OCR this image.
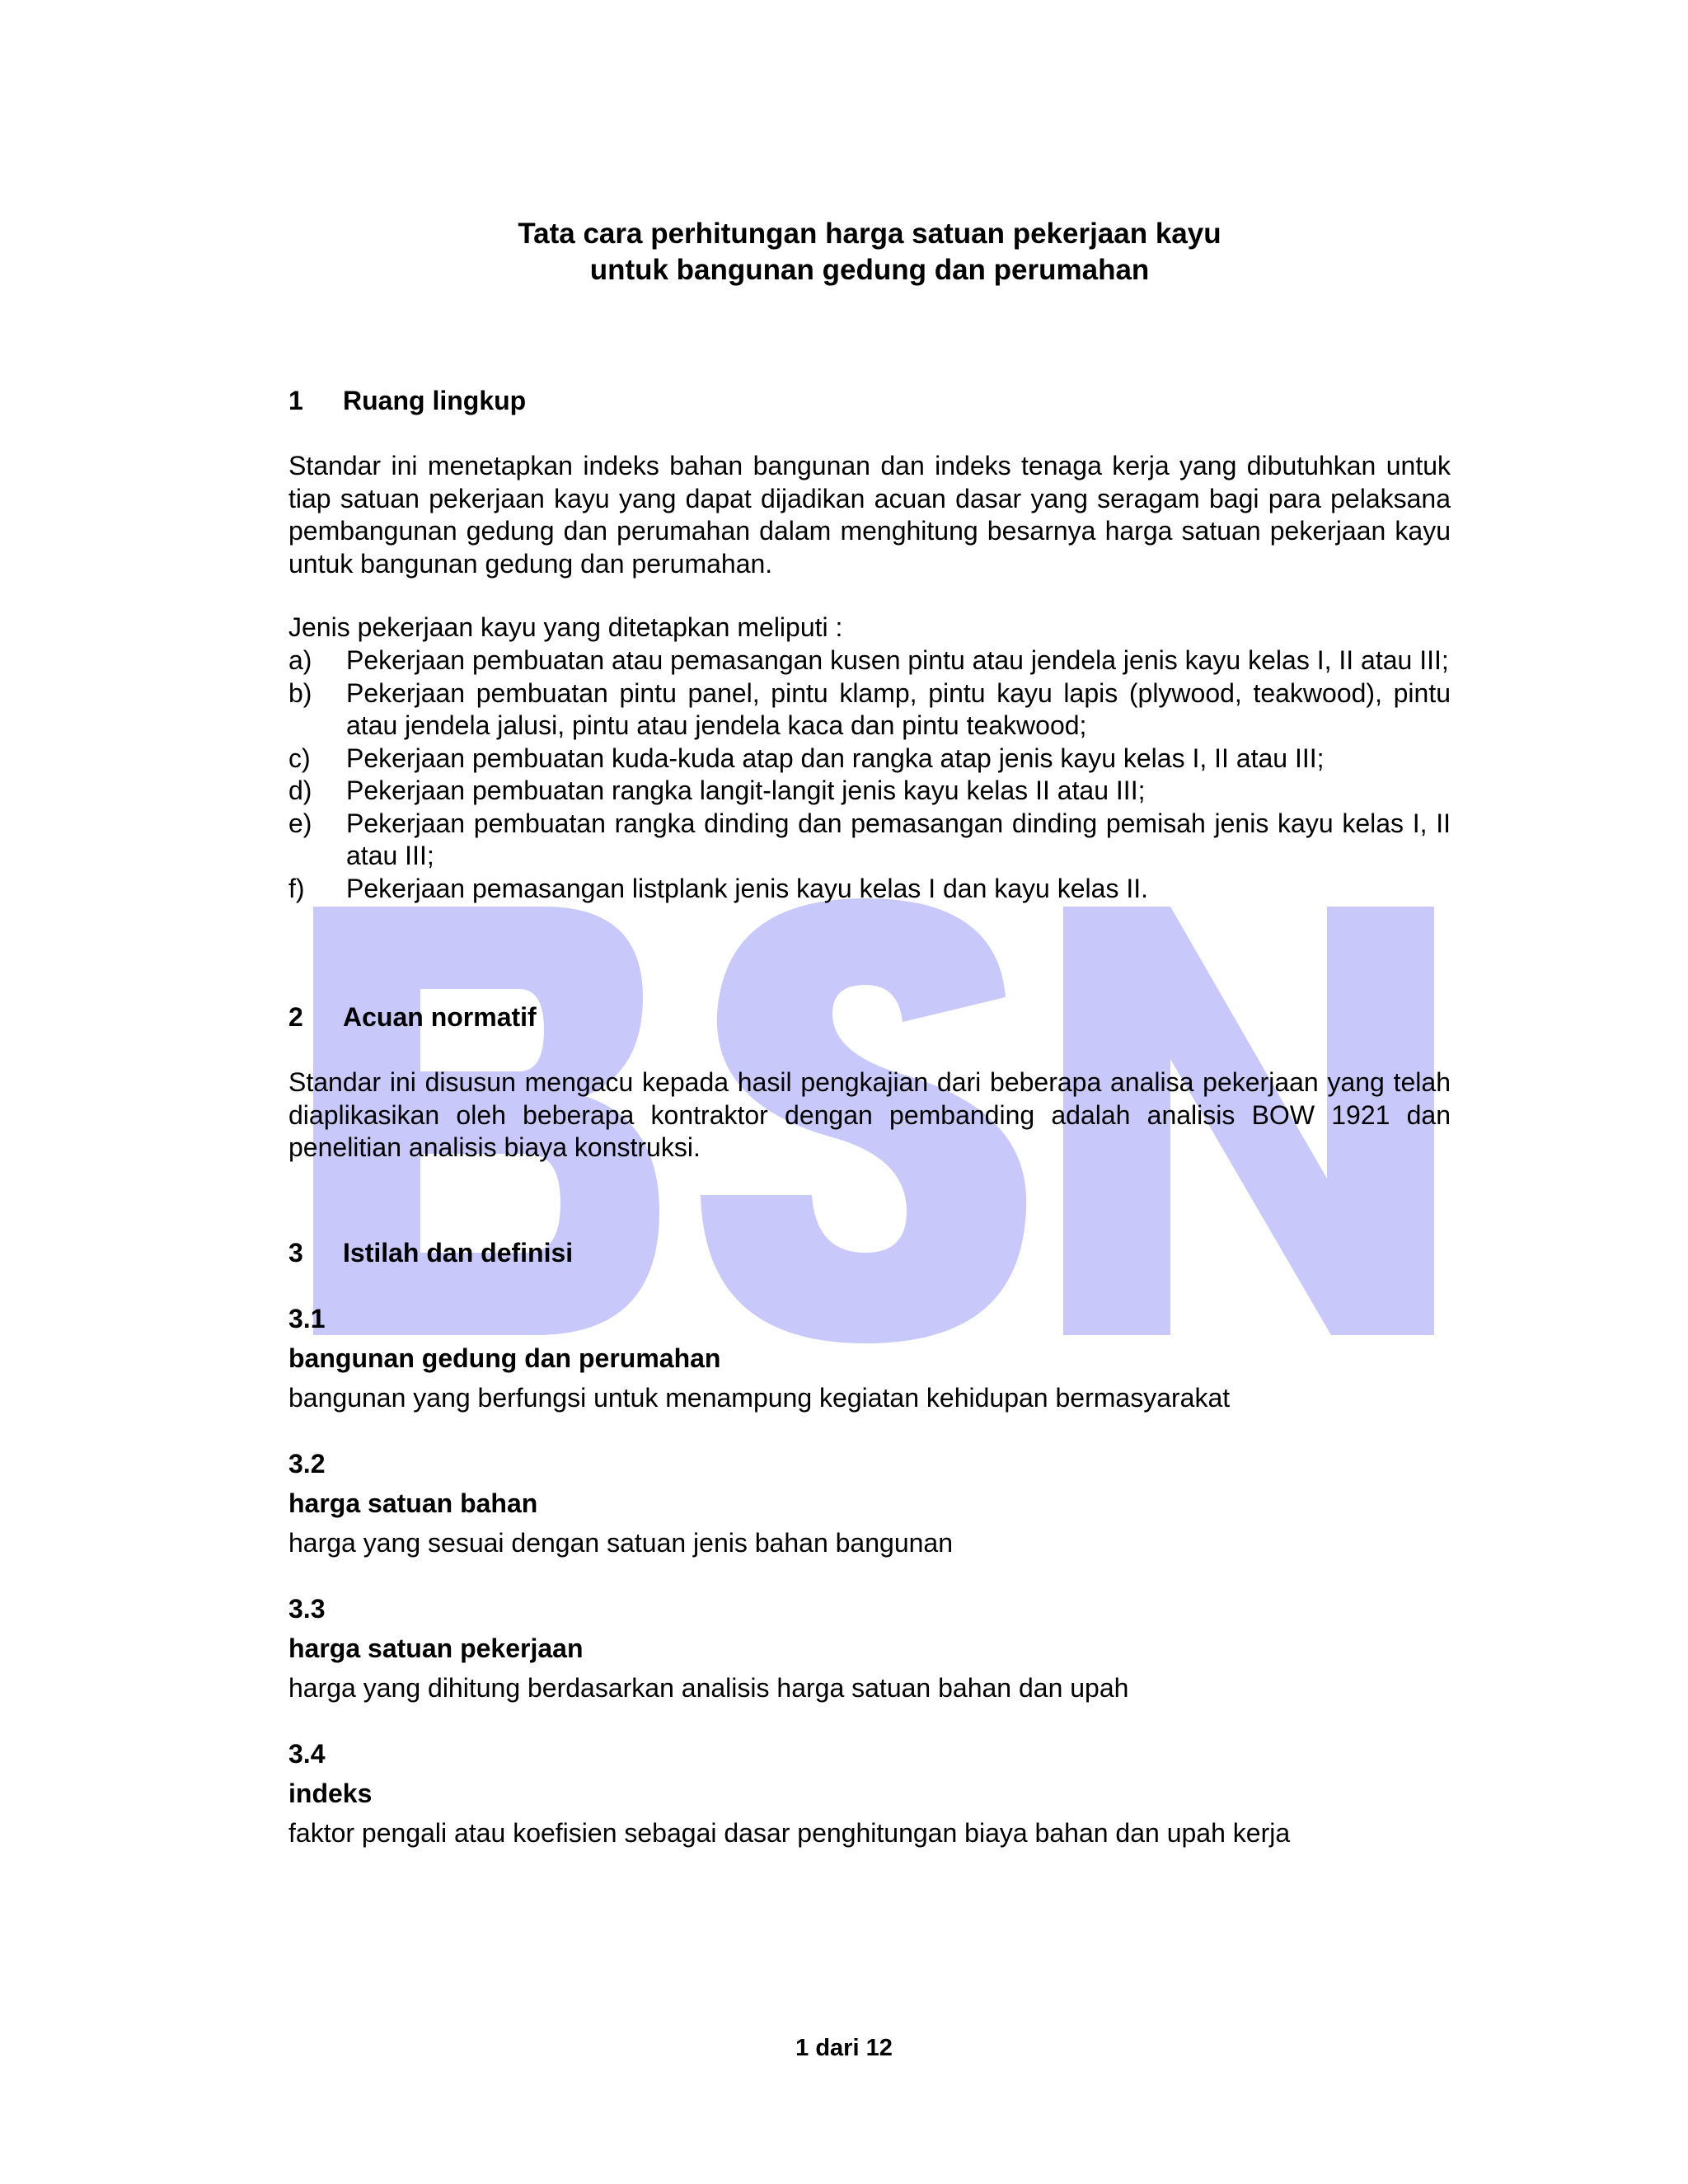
Tata cara perhitungan harga satuan pekerjaan kayu
untuk bangunan gedung dan perumahan
1 Ruang lingkup

Standar ini menetapkan indeks bahan bangunan dan indeks tenaga kerja yang dibutuhkan untuk tiap satuan pekerjaan kayu yang dapat dijadikan acuan dasar yang seragam bagi para pelaksana pembangunan gedung dan perumahan dalam menghitung besarnya harga satuan pekerjaan kayu untuk bangunan gedung dan perumahan.

Jenis pekerjaan kayu yang ditetapkan meliputi :

a) Pekerjaan pembuatan atau pemasangan kusen pintu atau jendela jenis kayu kelas I, II atau III;
b) Pekerjaan pembuatan pintu panel, pintu klamp, pintu kayu lapis (plywood, teakwood), pintu atau jendela jalusi, pintu atau jendela kaca dan pintu teakwood;
c) Pekerjaan pembuatan kuda-kuda atap dan rangka atap jenis kayu kelas I, II atau III;
d) Pekerjaan pembuatan rangka langit-langit jenis kayu kelas II atau III;
e) Pekerjaan pembuatan rangka dinding dan pemasangan dinding pemisah jenis kayu kelas I, II atau III;
f) Pekerjaan pemasangan listplank jenis kayu kelas I dan kayu kelas II.
2 Acuan normatif

Standar ini disusun mengacu kepada hasil pengkajian dari beberapa analisa pekerjaan yang telah diaplikasikan oleh beberapa kontraktor dengan pembanding adalah analisis BOW 1921 dan penelitian analisis biaya konstruksi.

3 Istilah dan definisi
3.1
bangunan gedung dan perumahan
bangunan yang berfungsi untuk menampung kegiatan kehidupan bermasyarakat
3.2
harga satuan bahan
harga yang sesuai dengan satuan jenis bahan bangunan
3.3
harga satuan pekerjaan
harga yang dihitung berdasarkan analisis harga satuan bahan dan upah
3.4
indeks
faktor pengali atau koefisien sebagai dasar penghitungan biaya bahan dan upah kerja
1 dari 12
